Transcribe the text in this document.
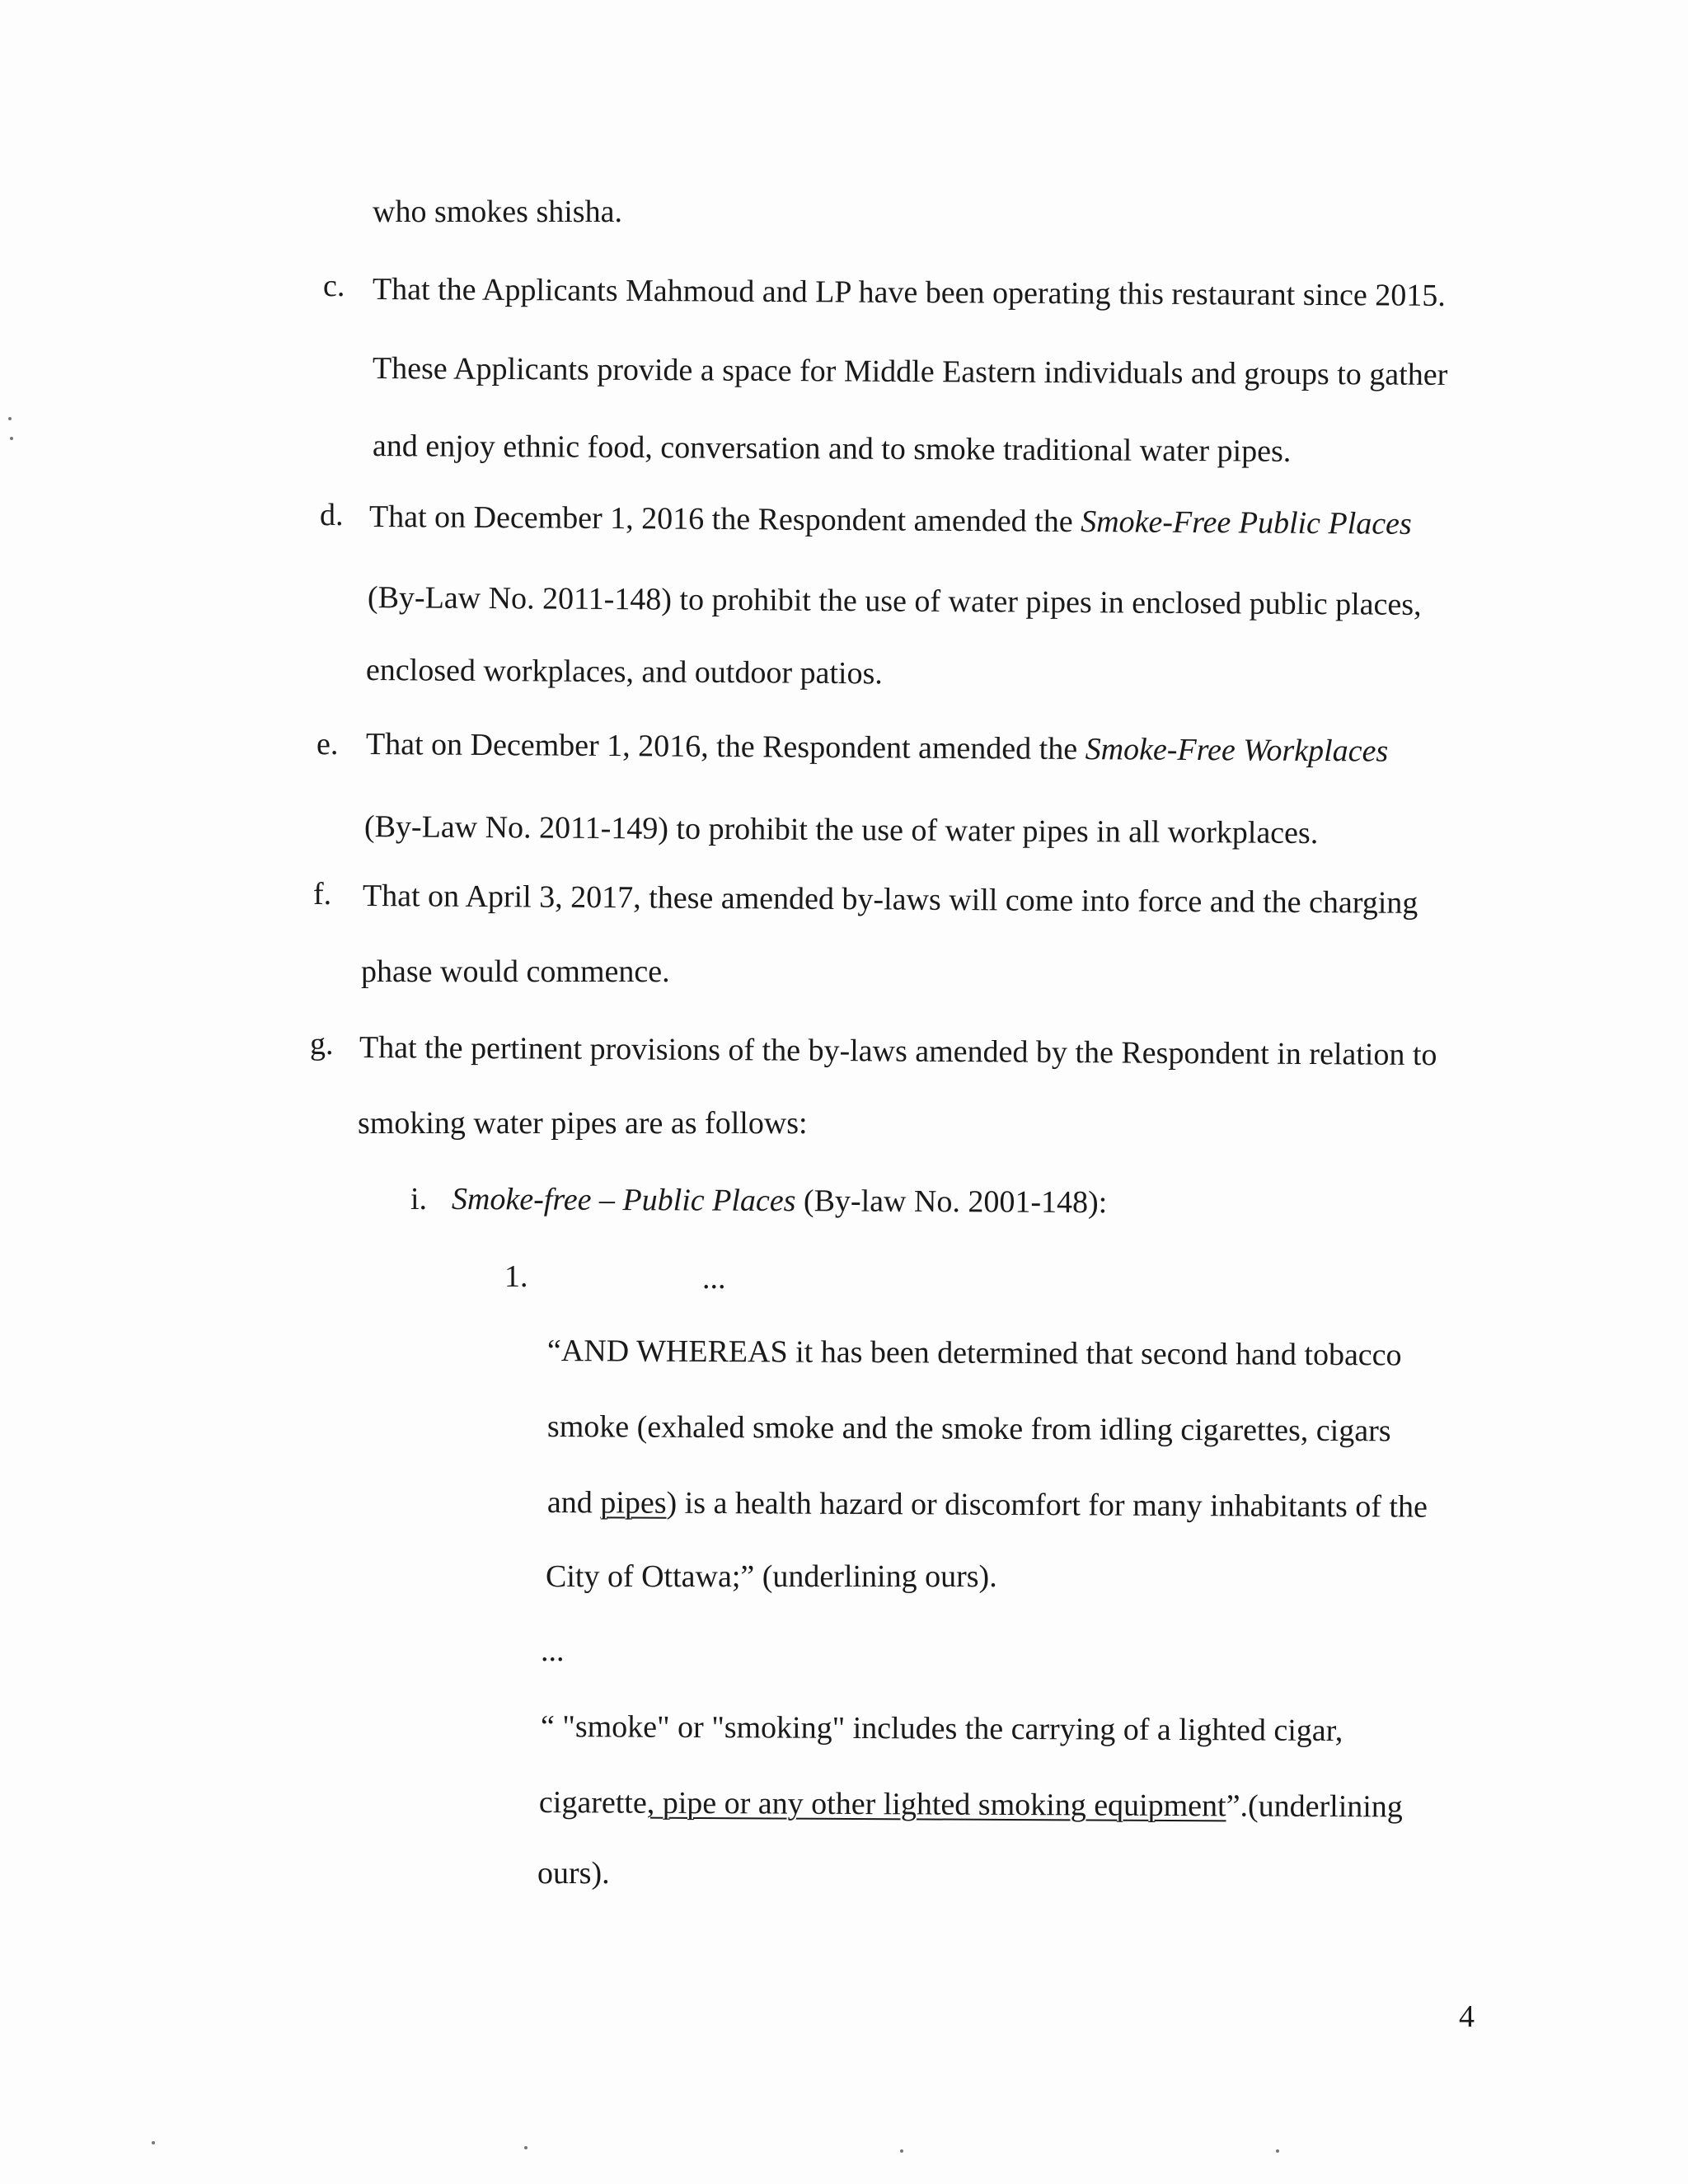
who smokes shisha.
c. That the Applicants Mahmoud and LP have been operating this restaurant since 2015.
These Applicants provide a space for Middle Eastern individuals and groups to gather
and enjoy ethnic food, conversation and to smoke traditional water pipes.
d. That on December 1, 2016 the Respondent amended the Smoke-Free Public Places
(By-Law No. 2011-148) to prohibit the use of water pipes in enclosed public places,
enclosed workplaces, and outdoor patios.
e. That on December 1, 2016, the Respondent amended the Smoke-Free Workplaces
(By-Law No. 2011-149) to prohibit the use of water pipes in all workplaces.
f. That on April 3, 2017, these amended by-laws will come into force and the charging
phase would commence.
g. That the pertinent provisions of the by-laws amended by the Respondent in relation to
smoking water pipes are as follows:
i. Smoke-free – Public Places (By-law No. 2001-148):
1.	...
“AND WHEREAS it has been determined that second hand tobacco
smoke (exhaled smoke and the smoke from idling cigarettes, cigars
and pipes) is a health hazard or discomfort for many inhabitants of the
City of Ottawa;” (underlining ours).
...
“ "smoke" or "smoking" includes the carrying of a lighted cigar,
cigarette, pipe or any other lighted smoking equipment”.(underlining
ours).
4
